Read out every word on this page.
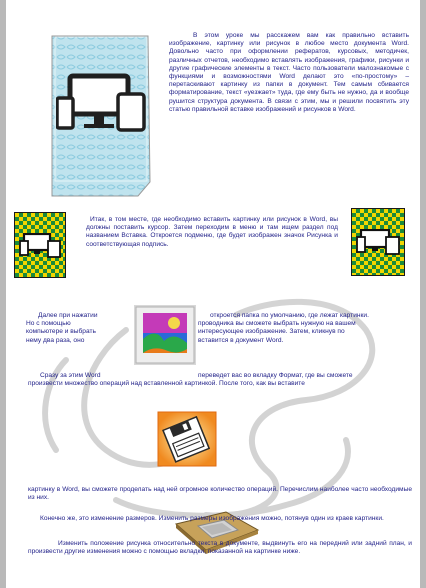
В этом уроке мы расскажем вам как правильно вставить изображение, картинку или рисунок в любое место документа Word. Довольно часто при оформлении рефератов, курсовых, методичек, различных отчетов, необходимо вставлять изображения, графики, рисунки и другие графические элементы в текст. Часто пользователи малознакомые с функциями и возможностями Word делают это «по-простому» – перетаскивают картинку из папки в документ. Тем самым сбивается форматирование, текст «уезжает» туда, где ему быть не нужно, да и вообще рушится структура документа. В связи с этим, мы и решили посвятить эту статью правильной вставке изображений и рисунков в Word.

Итак, в том месте, где необходимо вставить картинку или рисунок в Word, вы должны поставить курсор. Затем переходим в меню и там ищем раздел под названием Вставка. Откроется подменю, где будет изображен значок Рисунка и соответствующая подпись.

Далее при нажатии	откроется папка по умолчанию, где лежат картинки.
Но с помощью	проводника вы сможете выбрать нужную на вашем
компьютере и выбрать	интересующее изображение. Затем, кликнув по
нему два раза, оно	вставится в документ Word.
Сразу за этим Word	переведет вас во вкладку Формат, где вы сможете
произвести множество операций над вставленной картинкой. После того, как вы вставите

картинку в Word, вы сможете проделать над ней огромное количество операций. Перечислим наиболее часто необходимые из них.

Конечно же, это изменение размеров. Изменить размеры изображения можно, потянув один из краев картинки.

Изменить положение рисунка относительно текста в документе, выдвинуть его на передний или задний план, и произвести другие изменения можно с помощью вкладки, показанной на картинке ниже.
